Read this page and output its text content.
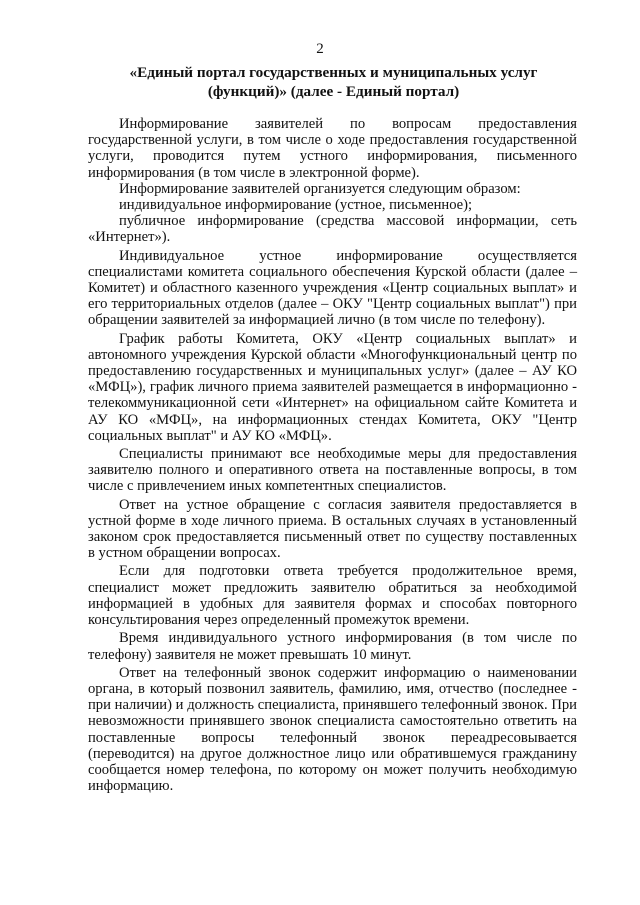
2
«Единый портал государственных и муниципальных услуг (функций)» (далее - Единый портал)

Информирование заявителей по вопросам предоставления государственной услуги, в том числе о ходе предоставления государственной услуги, проводится путем устного информирования, письменного информирования (в том числе в электронной форме).

Информирование заявителей организуется следующим образом:

индивидуальное информирование (устное, письменное);

публичное информирование (средства массовой информации, сеть «Интернет»).

Индивидуальное устное информирование осуществляется специалистами комитета социального обеспечения Курской области (далее – Комитет) и областного казенного учреждения «Центр социальных выплат» и его территориальных отделов (далее – ОКУ "Центр социальных выплат") при обращении заявителей за информацией лично (в том числе по телефону).

График работы Комитета, ОКУ «Центр социальных выплат» и автономного учреждения Курской области «Многофункциональный центр по предоставлению государственных и муниципальных услуг» (далее – АУ КО «МФЦ»), график личного приема заявителей размещается в информационно - телекоммуникационной сети «Интернет» на официальном сайте Комитета и АУ КО «МФЦ», на информационных стендах Комитета, ОКУ "Центр социальных выплат" и АУ КО «МФЦ».

Специалисты принимают все необходимые меры для предоставления заявителю полного и оперативного ответа на поставленные вопросы, в том числе с привлечением иных компетентных специалистов.

Ответ на устное обращение с согласия заявителя предоставляется в устной форме в ходе личного приема. В остальных случаях в установленный законом срок предоставляется письменный ответ по существу поставленных в устном обращении вопросах.

Если для подготовки ответа требуется продолжительное время, специалист может предложить заявителю обратиться за необходимой информацией в удобных для заявителя формах и способах повторного консультирования через определенный промежуток времени.

Время индивидуального устного информирования (в том числе по телефону) заявителя не может превышать 10 минут.

Ответ на телефонный звонок содержит информацию о наименовании органа, в который позвонил заявитель, фамилию, имя, отчество (последнее - при наличии) и должность специалиста, принявшего телефонный звонок. При невозможности принявшего звонок специалиста самостоятельно ответить на поставленные вопросы телефонный звонок переадресовывается (переводится) на другое должностное лицо или обратившемуся гражданину сообщается номер телефона, по которому он может получить необходимую информацию.
